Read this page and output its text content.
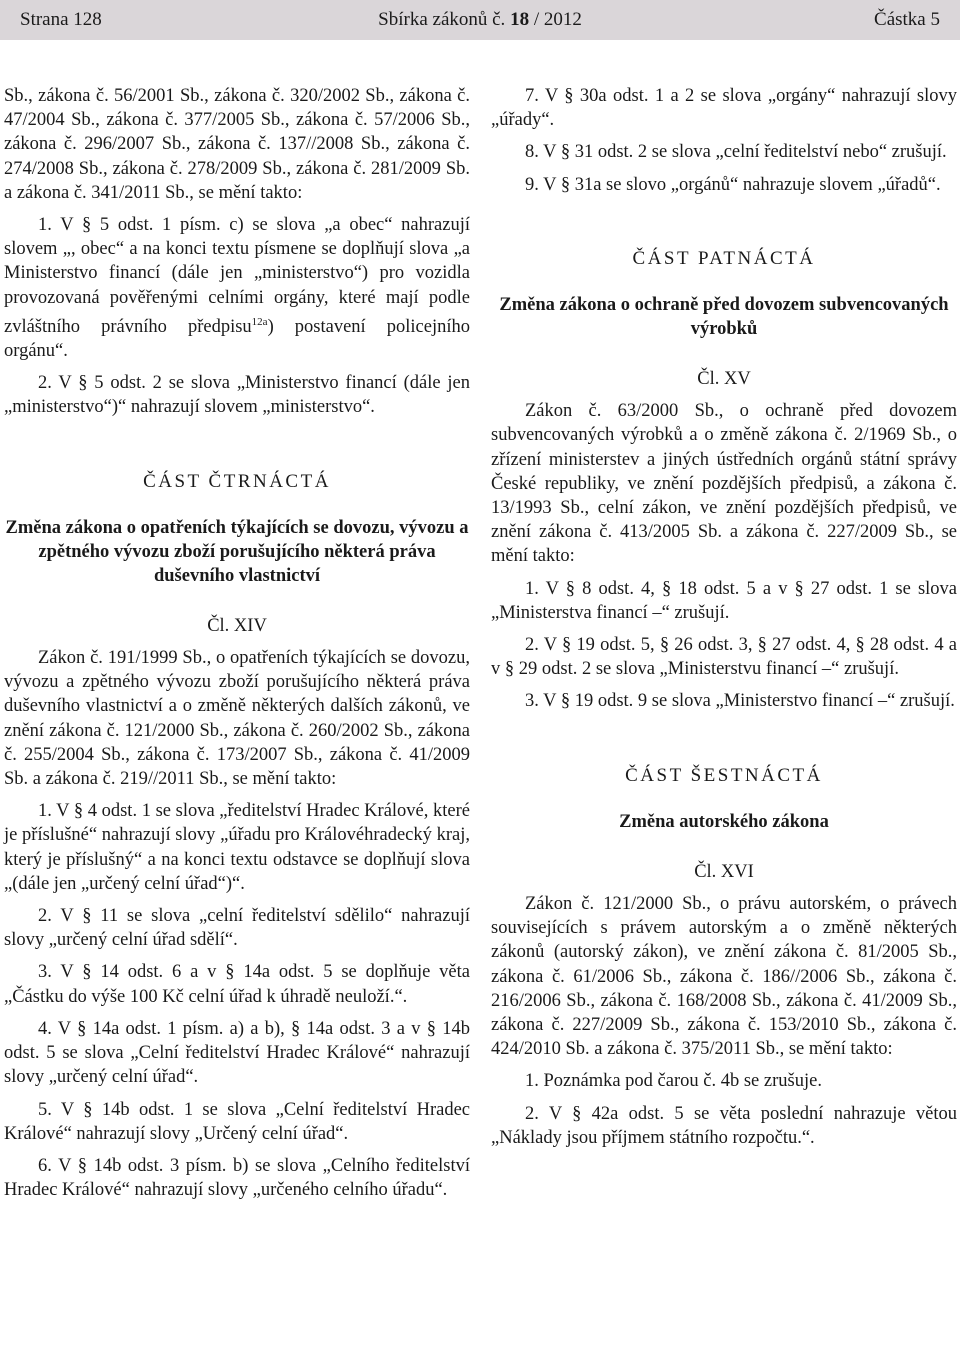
Strana 128	Sbírka zákonů č. 18 / 2012	Částka 5

Sb., zákona č. 56/2001 Sb., zákona č. 320/2002 Sb., zákona č. 47/2004 Sb., zákona č. 377/2005 Sb., zákona č. 57/2006 Sb., zákona č. 296/2007 Sb., zákona č. 137//2008 Sb., zákona č. 274/2008 Sb., zákona č. 278/2009 Sb., zákona č. 281/2009 Sb. a zákona č. 341/2011 Sb., se mění takto:

1. V § 5 odst. 1 písm. c) se slova „a obec“ nahrazují slovem „, obec“ a na konci textu písmene se doplňují slova „a Ministerstvo financí (dále jen „ministerstvo“) pro vozidla provozovaná pověřenými celními orgány, které mají podle zvláštního právního předpisu$^{12a}$) postavení policejního orgánu“.

2. V § 5 odst. 2 se slova „Ministerstvo financí (dále jen „ministerstvo“)“ nahrazují slovem „ministerstvo“.

ČÁST ČTRNÁCTÁ
Změna zákona o opatřeních týkajících se dovozu, vývozu a zpětného vývozu zboží porušujícího některá práva duševního vlastnictví
Čl. XIV

Zákon č. 191/1999 Sb., o opatřeních týkajících se dovozu, vývozu a zpětného vývozu zboží porušujícího některá práva duševního vlastnictví a o změně některých dalších zákonů, ve znění zákona č. 121/2000 Sb., zákona č. 260/2002 Sb., zákona č. 255/2004 Sb., zákona č. 173/2007 Sb., zákona č. 41/2009 Sb. a zákona č. 219//2011 Sb., se mění takto:

1. V § 4 odst. 1 se slova „ředitelství Hradec Králové, které je příslušné“ nahrazují slovy „úřadu pro Královéhradecký kraj, který je příslušný“ a na konci textu odstavce se doplňují slova „(dále jen „určený celní úřad“)“.

2. V § 11 se slova „celní ředitelství sdělilo“ nahrazují slovy „určený celní úřad sdělí“.

3. V § 14 odst. 6 a v § 14a odst. 5 se doplňuje věta „Částku do výše 100 Kč celní úřad k úhradě neuloží.“.

4. V § 14a odst. 1 písm. a) a b), § 14a odst. 3 a v § 14b odst. 5 se slova „Celní ředitelství Hradec Králové“ nahrazují slovy „určený celní úřad“.

5. V § 14b odst. 1 se slova „Celní ředitelství Hradec Králové“ nahrazují slovy „Určený celní úřad“.

6. V § 14b odst. 3 písm. b) se slova „Celního ředitelství Hradec Králové“ nahrazují slovy „určeného celního úřadu“.

7. V § 30a odst. 1 a 2 se slova „orgány“ nahrazují slovy „úřady“.

8. V § 31 odst. 2 se slova „celní ředitelství nebo“ zrušují.

9. V § 31a se slovo „orgánů“ nahrazuje slovem „úřadů“.

ČÁST PATNÁCTÁ
Změna zákona o ochraně před dovozem subvencovaných výrobků
Čl. XV

Zákon č. 63/2000 Sb., o ochraně před dovozem subvencovaných výrobků a o změně zákona č. 2/1969 Sb., o zřízení ministerstev a jiných ústředních orgánů státní správy České republiky, ve znění pozdějších předpisů, a zákona č. 13/1993 Sb., celní zákon, ve znění pozdějších předpisů, ve znění zákona č. 413/2005 Sb. a zákona č. 227/2009 Sb., se mění takto:

1. V § 8 odst. 4, § 18 odst. 5 a v § 27 odst. 1 se slova „Ministerstva financí –“ zrušují.

2. V § 19 odst. 5, § 26 odst. 3, § 27 odst. 4, § 28 odst. 4 a v § 29 odst. 2 se slova „Ministerstvu financí –“ zrušují.

3. V § 19 odst. 9 se slova „Ministerstvo financí –“ zrušují.

ČÁST ŠESTNÁCTÁ
Změna autorského zákona
Čl. XVI

Zákon č. 121/2000 Sb., o právu autorském, o právech souvisejících s právem autorským a o změně některých zákonů (autorský zákon), ve znění zákona č. 81/2005 Sb., zákona č. 61/2006 Sb., zákona č. 186//2006 Sb., zákona č. 216/2006 Sb., zákona č. 168/2008 Sb., zákona č. 41/2009 Sb., zákona č. 227/2009 Sb., zákona č. 153/2010 Sb., zákona č. 424/2010 Sb. a zákona č. 375/2011 Sb., se mění takto:

1. Poznámka pod čarou č. 4b se zrušuje.

2. V § 42a odst. 5 se věta poslední nahrazuje větou „Náklady jsou příjmem státního rozpočtu.“.
